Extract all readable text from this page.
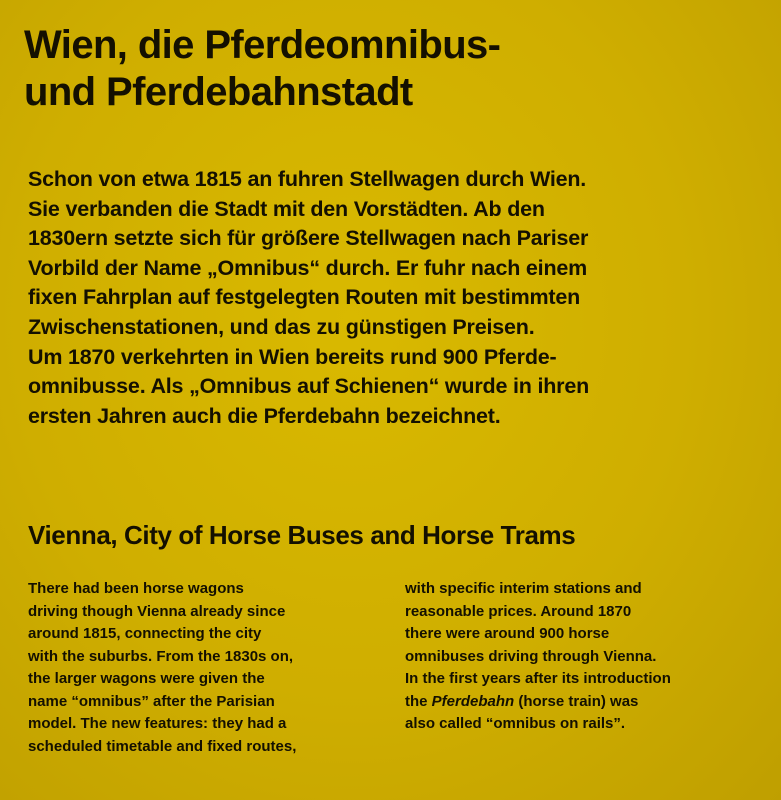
Wien, die Pferdeomnibus-
und Pferdebahnstadt

Schon von etwa 1815 an fuhren Stellwagen durch Wien.
Sie verbanden die Stadt mit den Vorstädten. Ab den
1830ern setzte sich für größere Stellwagen nach Pariser
Vorbild der Name „Omnibus“ durch. Er fuhr nach einem
fixen Fahrplan auf festgelegten Routen mit bestimmten
Zwischenstationen, und das zu günstigen Preisen.
Um 1870 verkehrten in Wien bereits rund 900 Pferde-
omnibusse. Als „Omnibus auf Schienen“ wurde in ihren
ersten Jahren auch die Pferdebahn bezeichnet.

Vienna, City of Horse Buses and Horse Trams

There had been horse wagons
driving though Vienna already since
around 1815, connecting the city
with the suburbs. From the 1830s on,
the larger wagons were given the
name “omnibus” after the Parisian
model. The new features: they had a
scheduled timetable and fixed routes,

with specific interim stations and
reasonable prices. Around 1870
there were around 900 horse
omnibuses driving through Vienna.
In the first years after its introduction
the Pferdebahn (horse train) was
also called “omnibus on rails”.
